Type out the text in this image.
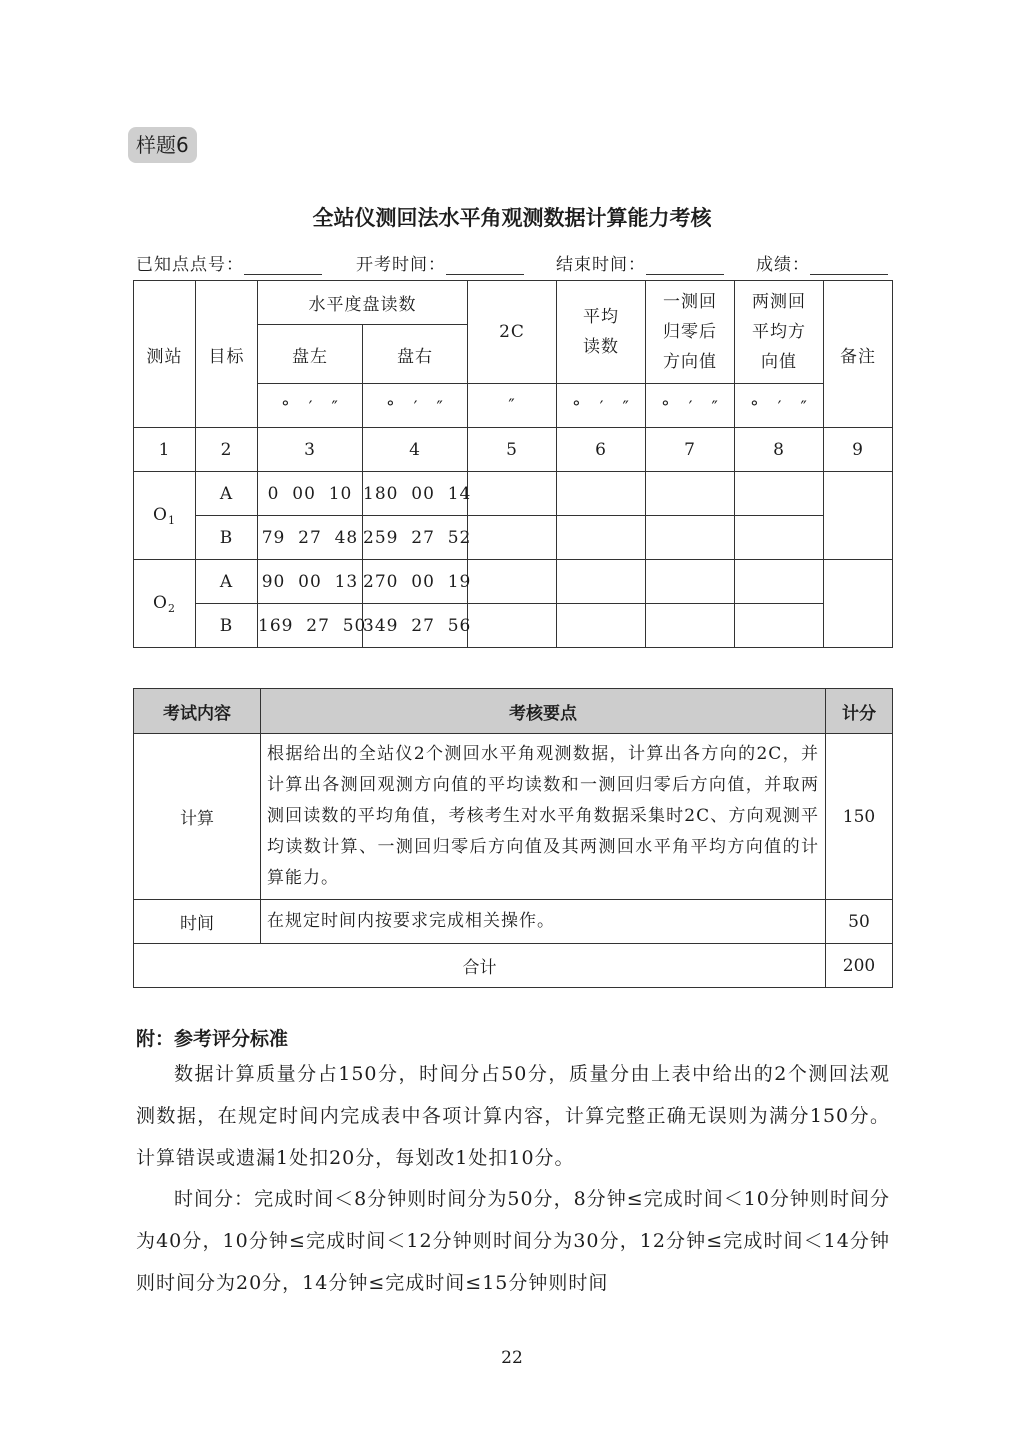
样题6
全站仪测回法水平角观测数据计算能力考核
已知点点号：	开考时间：	结束时间：	成绩：
测站	目标	水平度盘读数		2C	平均读数	一测回归零后方向值	两测回平均方向值	备注
		盘左	盘右					
		°　′　″	°　′　″	″	°　′　″	°　′　″	°　′　″	
1	2	3	4	5	6	7	8	9
$O_1$	A	0  00  10	180  00  14					
	B	79  27  48	259  27  52					
$O_2$	A	90  00  13	270  00  19					
	B	169  27  50	349  27  56					
考试内容	考核要点	计分
计算	根据给出的全站仪2个测回水平角观测数据，计算出各方向的2C，并计算出各测回观测方向值的平均读数和一测回归零后方向值，并取两测回读数的平均角值，考核考生对水平角数据采集时2C、方向观测平均读数计算、一测回归零后方向值及其两测回水平角平均方向值的计算能力。	150
时间	在规定时间内按要求完成相关操作。	50
合计		200
附：参考评分标准

数据计算质量分占150分，时间分占50分，质量分由上表中给出的2个测回法观测数据，在规定时间内完成表中各项计算内容，计算完整正确无误则为满分150分。计算错误或遗漏1处扣20分，每划改1处扣10分。

时间分：完成时间＜8分钟则时间分为50分，8分钟≤完成时间＜10分钟则时间分为40分，10分钟≤完成时间＜12分钟则时间分为30分，12分钟≤完成时间＜14分钟则时间分为20分，14分钟≤完成时间≤15分钟则时间

22
